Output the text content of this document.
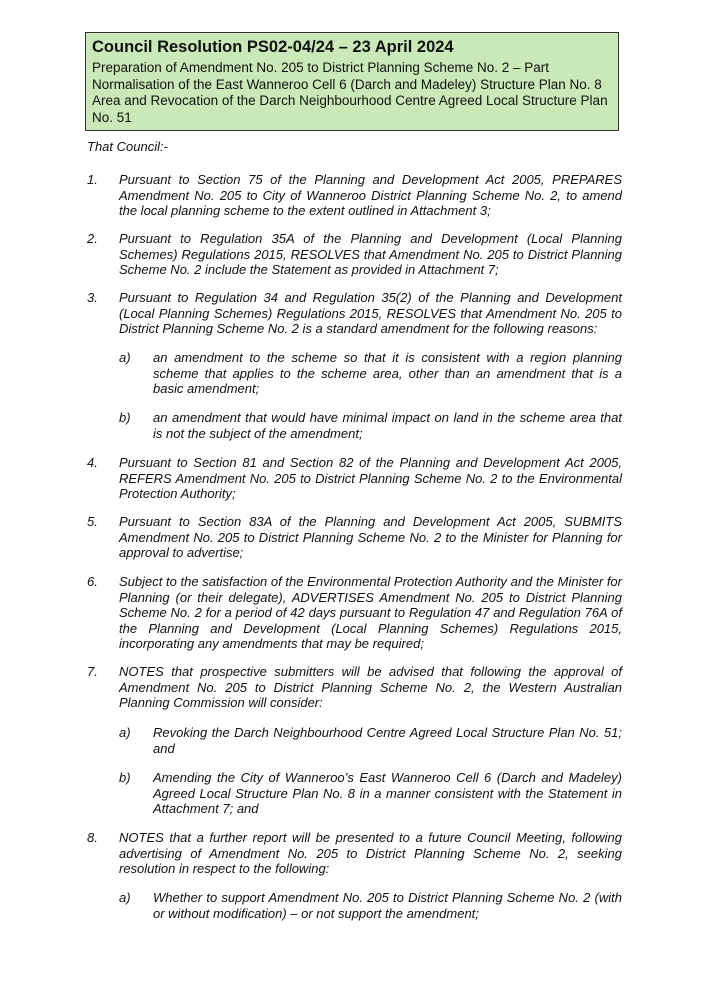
Council Resolution PS02-04/24 – 23 April 2024
Preparation of Amendment No. 205 to District Planning Scheme No. 2 – Part Normalisation of the East Wanneroo Cell 6 (Darch and Madeley) Structure Plan No. 8 Area and Revocation of the Darch Neighbourhood Centre Agreed Local Structure Plan No. 51
That Council:-
1. Pursuant to Section 75 of the Planning and Development Act 2005, PREPARES Amendment No. 205 to City of Wanneroo District Planning Scheme No. 2, to amend the local planning scheme to the extent outlined in Attachment 3;
2. Pursuant to Regulation 35A of the Planning and Development (Local Planning Schemes) Regulations 2015, RESOLVES that Amendment No. 205 to District Planning Scheme No. 2 include the Statement as provided in Attachment 7;
3. Pursuant to Regulation 34 and Regulation 35(2) of the Planning and Development (Local Planning Schemes) Regulations 2015, RESOLVES that Amendment No. 205 to District Planning Scheme No. 2 is a standard amendment for the following reasons:
a) an amendment to the scheme so that it is consistent with a region planning scheme that applies to the scheme area, other than an amendment that is a basic amendment;
b) an amendment that would have minimal impact on land in the scheme area that is not the subject of the amendment;
4. Pursuant to Section 81 and Section 82 of the Planning and Development Act 2005, REFERS Amendment No. 205 to District Planning Scheme No. 2 to the Environmental Protection Authority;
5. Pursuant to Section 83A of the Planning and Development Act 2005, SUBMITS Amendment No. 205 to District Planning Scheme No. 2 to the Minister for Planning for approval to advertise;
6. Subject to the satisfaction of the Environmental Protection Authority and the Minister for Planning (or their delegate), ADVERTISES Amendment No. 205 to District Planning Scheme No. 2 for a period of 42 days pursuant to Regulation 47 and Regulation 76A of the Planning and Development (Local Planning Schemes) Regulations 2015, incorporating any amendments that may be required;
7. NOTES that prospective submitters will be advised that following the approval of Amendment No. 205 to District Planning Scheme No. 2, the Western Australian Planning Commission will consider:
a) Revoking the Darch Neighbourhood Centre Agreed Local Structure Plan No. 51; and
b) Amending the City of Wanneroo’s East Wanneroo Cell 6 (Darch and Madeley) Agreed Local Structure Plan No. 8 in a manner consistent with the Statement in Attachment 7; and
8. NOTES that a further report will be presented to a future Council Meeting, following advertising of Amendment No. 205 to District Planning Scheme No. 2, seeking resolution in respect to the following:
a) Whether to support Amendment No. 205 to District Planning Scheme No. 2 (with or without modification) – or not support the amendment;
